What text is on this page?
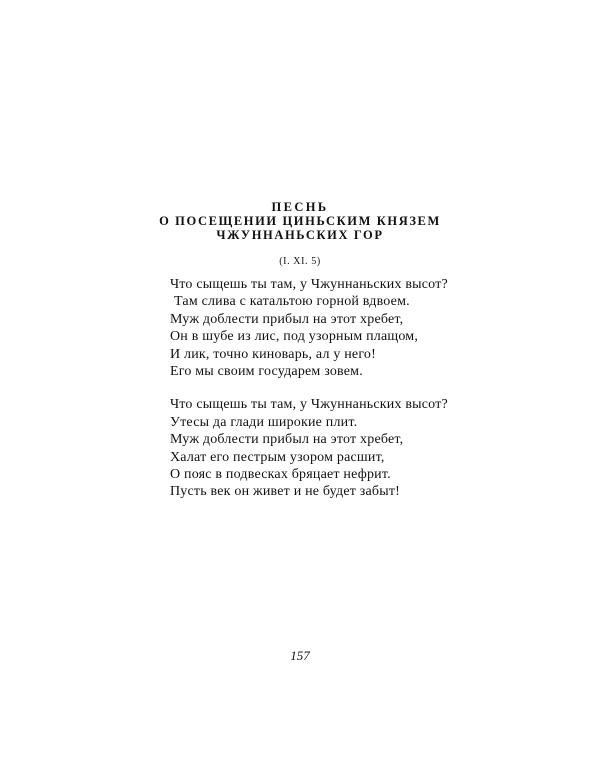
ПЕСНЬ
О ПОСЕЩЕНИИ ЦИНЬСКИМ КНЯЗЕМ
ЧЖУННАНЬСКИХ ГОР
(I. XI. 5)
Что сыщешь ты там, у Чжуннаньских высот?
Там слива с катальтою горной вдвоем.
Муж доблести прибыл на этот хребет,
Он в шубе из лис, под узорным плащом,
И лик, точно киноварь, ал у него!
Его мы своим государем зовем.
Что сыщешь ты там, у Чжуннаньских высот?
Утесы да глади широкие плит.
Муж доблести прибыл на этот хребет,
Халат его пестрым узором расшит,
О пояс в подвесках бряцает нефрит.
Пусть век он живет и не будет забыт!
157
